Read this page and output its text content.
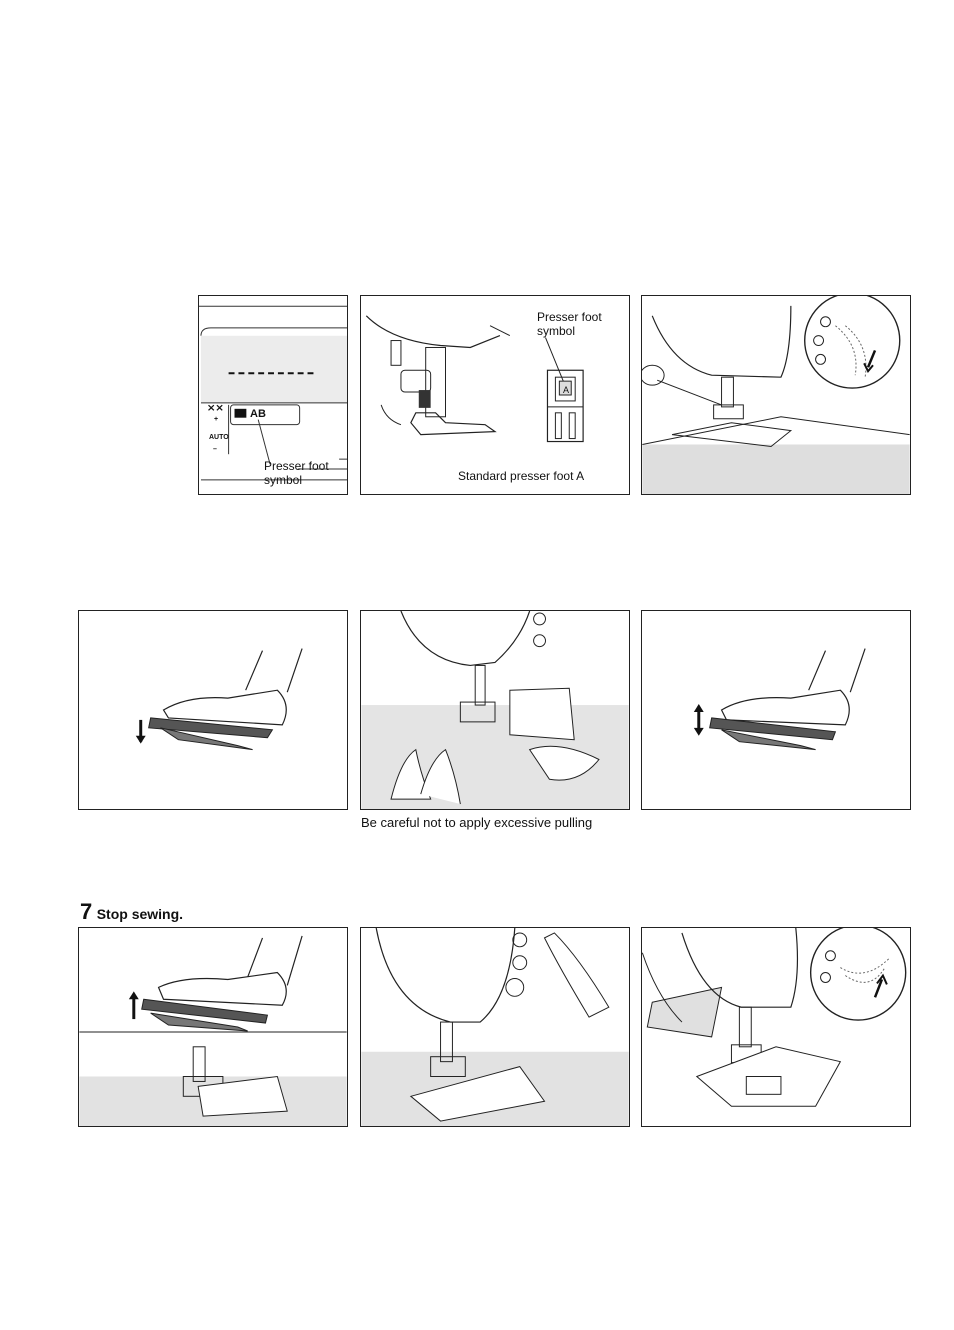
⨯⨯
+
AUTO
–
AB
Presser foot
symbol
A
Presser foot
symbol
Standard presser foot A
Be careful not to apply excessive pulling
7 Stop sewing.
